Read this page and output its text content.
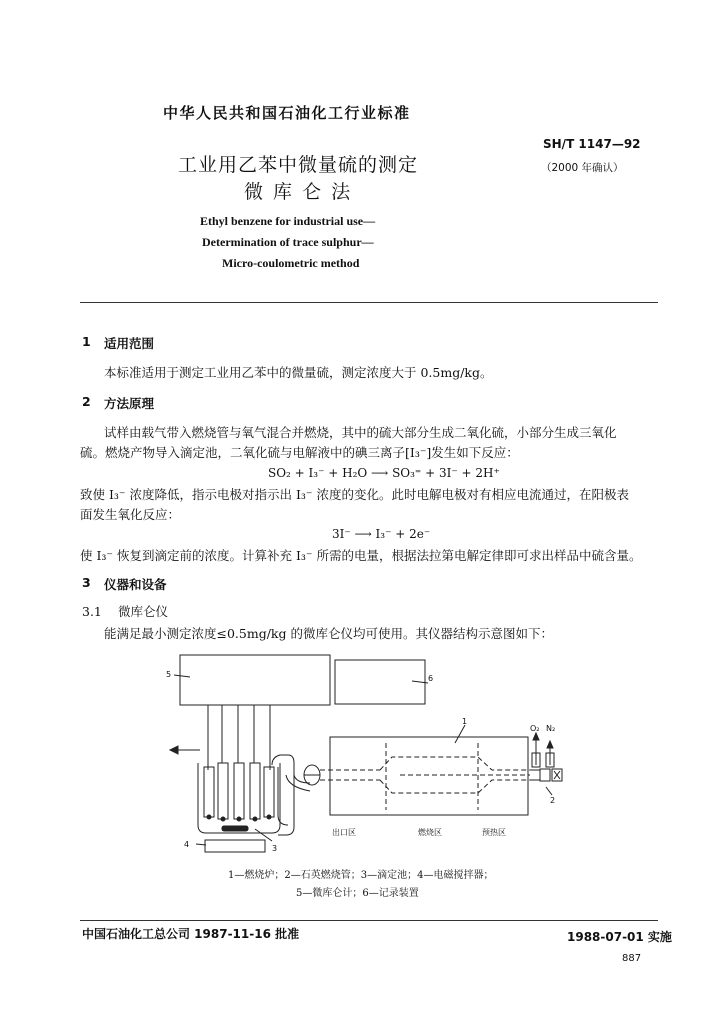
中华人民共和国石油化工行业标准
SH/T 1147—92
（2000 年确认）
工业用乙苯中微量硫的测定
微 库 仑 法
Ethyl benzene for industrial use—
Determination of trace sulphur—
Micro-coulometric method
1 适用范围
本标准适用于测定工业用乙苯中的微量硫，测定浓度大于 0.5mg/kg。
2 方法原理
试样由载气带入燃烧管与氧气混合并燃烧，其中的硫大部分生成二氧化硫，小部分生成三氧化
硫。燃烧产物导入滴定池，二氧化硫与电解液中的碘三离子[I₃⁻]发生如下反应：
SO₂ + I₃⁻ + H₂O ⟶ SO₃⁼ + 3I⁻ + 2H⁺
致使 I₃⁻ 浓度降低，指示电极对指示出 I₃⁻ 浓度的变化。此时电解电极对有相应电流通过，在阳极表
面发生氧化反应：
3I⁻ ⟶ I₃⁻ + 2e⁻
使 I₃⁻ 恢复到滴定前的浓度。计算补充 I₃⁻ 所需的电量，根据法拉第电解定律即可求出样品中硫含量。
3 仪器和设备
3.1 微库仑仪
能满足最小测定浓度≤0.5mg/kg 的微库仑仪均可使用。其仪器结构示意图如下：
5	6
1
2
3
4
O₂ N₂
出口区	燃烧区	预热区
1—燃烧炉；2—石英燃烧管；3—滴定池；4—电磁搅拌器；
5—微库仑计；6—记录装置
中国石油化工总公司 1987-11-16 批准	1988-07-01 实施
887
